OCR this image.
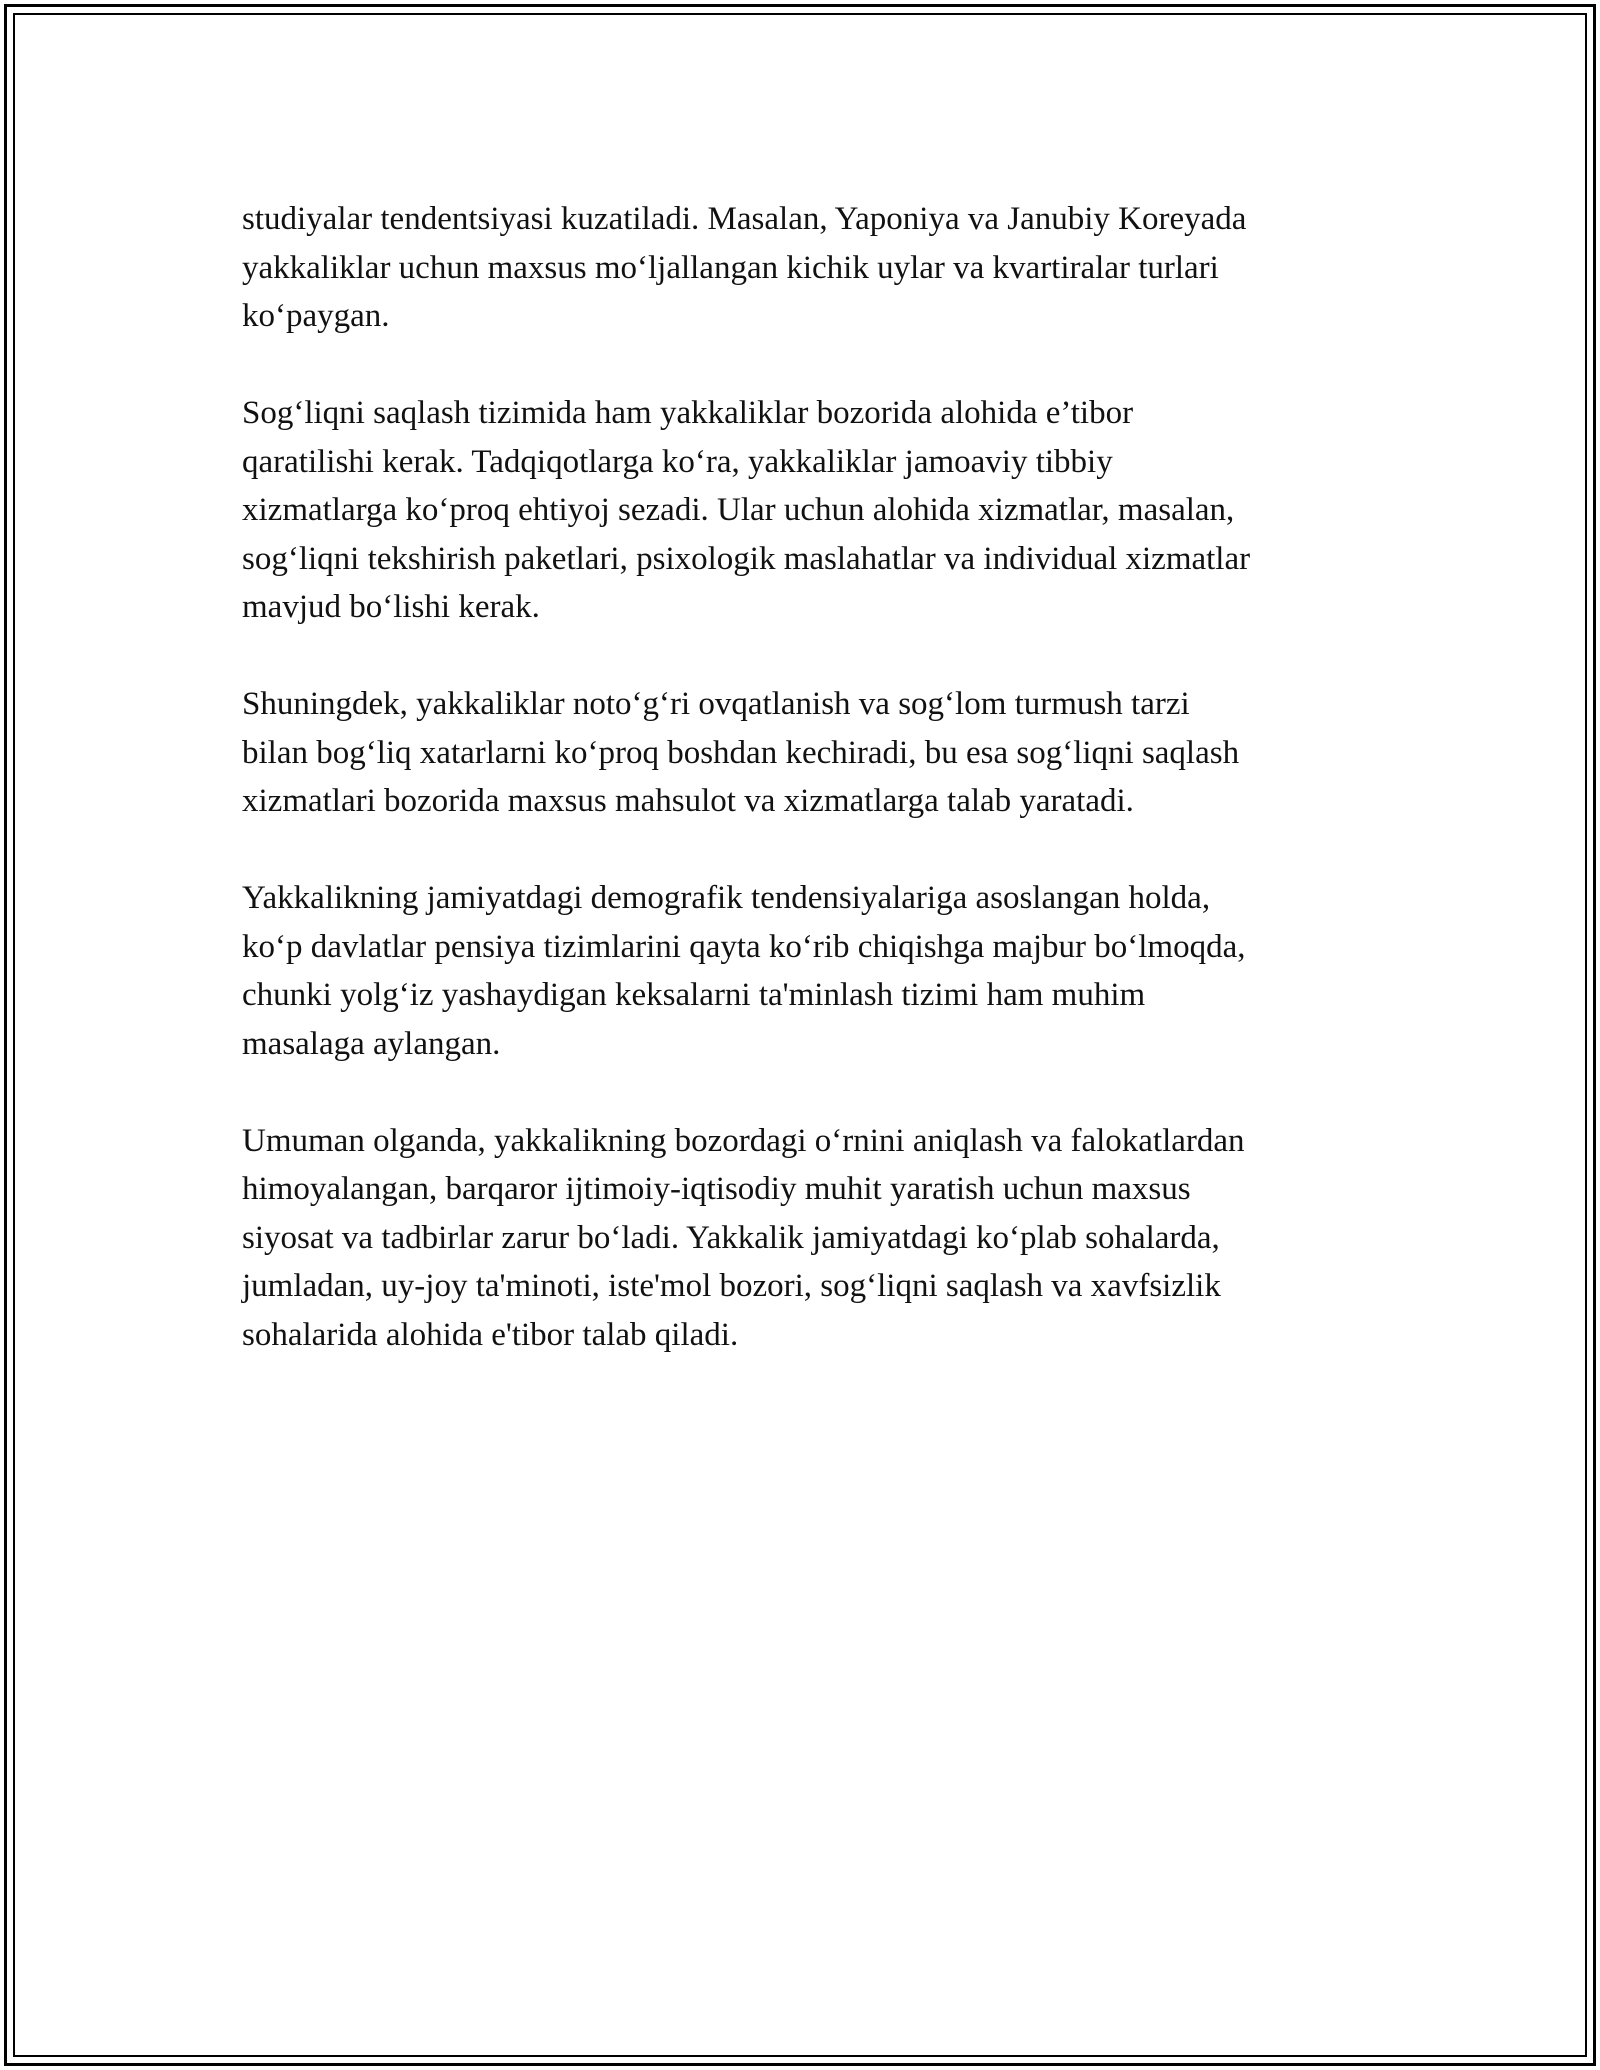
studiyalar tendentsiyasi kuzatiladi. Masalan, Yaponiya va Janubiy Koreyada
yakkaliklar uchun maxsus mo‘ljallangan kichik uylar va kvartiralar turlari
ko‘paygan.

Sog‘liqni saqlash tizimida ham yakkaliklar bozorida alohida e’tibor
qaratilishi kerak. Tadqiqotlarga ko‘ra, yakkaliklar jamoaviy tibbiy
xizmatlarga ko‘proq ehtiyoj sezadi. Ular uchun alohida xizmatlar, masalan,
sog‘liqni tekshirish paketlari, psixologik maslahatlar va individual xizmatlar
mavjud bo‘lishi kerak.

Shuningdek, yakkaliklar noto‘g‘ri ovqatlanish va sog‘lom turmush tarzi
bilan bog‘liq xatarlarni ko‘proq boshdan kechiradi, bu esa sog‘liqni saqlash
xizmatlari bozorida maxsus mahsulot va xizmatlarga talab yaratadi.

Yakkalikning jamiyatdagi demografik tendensiyalariga asoslangan holda,
ko‘p davlatlar pensiya tizimlarini qayta ko‘rib chiqishga majbur bo‘lmoqda,
chunki yolg‘iz yashaydigan keksalarni ta'minlash tizimi ham muhim
masalaga aylangan.

Umuman olganda, yakkalikning bozordagi o‘rnini aniqlash va falokatlardan
himoyalangan, barqaror ijtimoiy-iqtisodiy muhit yaratish uchun maxsus
siyosat va tadbirlar zarur bo‘ladi. Yakkalik jamiyatdagi ko‘plab sohalarda,
jumladan, uy-joy ta'minoti, iste'mol bozori, sog‘liqni saqlash va xavfsizlik
sohalarida alohida e'tibor talab qiladi.
